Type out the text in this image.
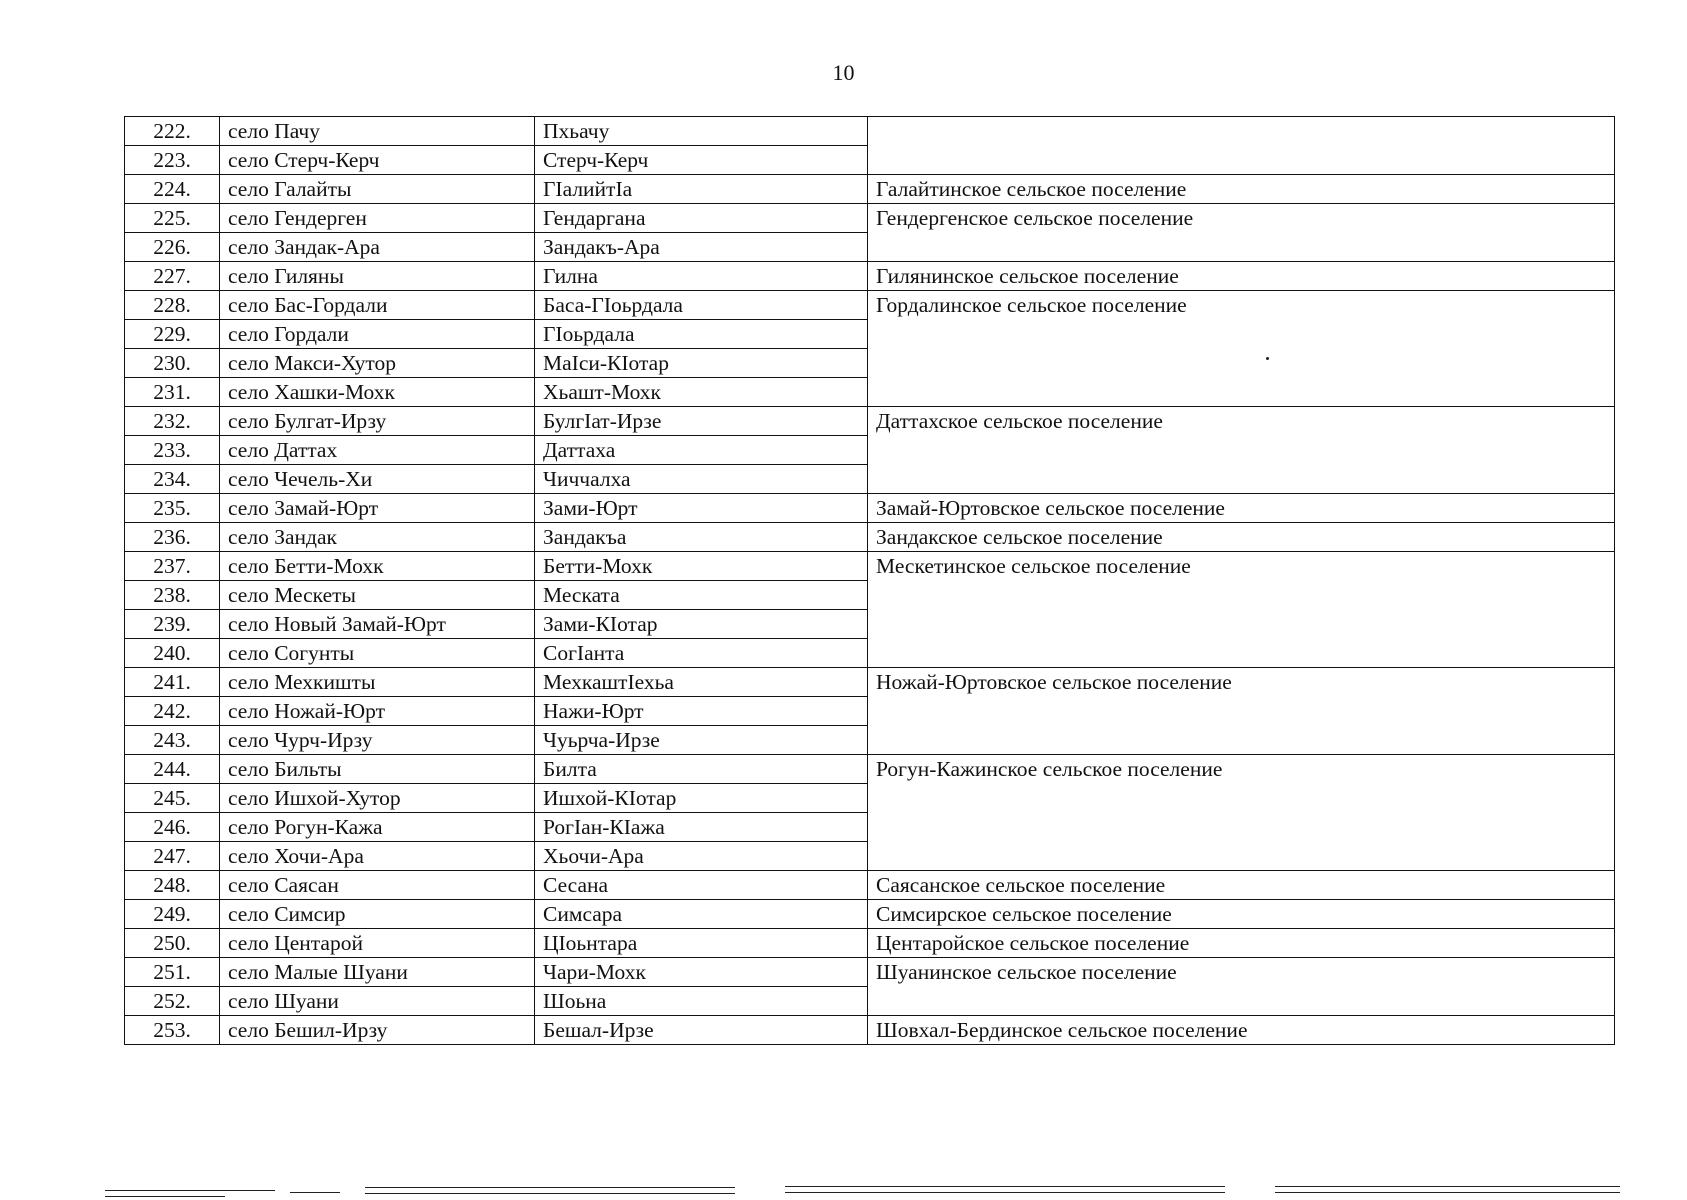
10
222.	село Пачу	Пхьачу	
223.	село Стерч-Керч	Стерч-Керч	
224.	село Галайты	ГIалийтIа	Галайтинское сельское поселение
225.	село Гендерген	Гендаргана	Гендергенское сельское поселение
226.	село Зандак-Ара	Зандакъ-Ара	
227.	село Гиляны	Гилна	Гилянинское сельское поселение
228.	село Бас-Гордали	Баса-ГIоьрдала	Гордалинское сельское поселение
229.	село Гордали	ГIоьрдала	
230.	село Макси-Хутор	МаIси-КIотар	
231.	село Хашки-Мохк	Хьашт-Мохк	
232.	село Булгат-Ирзу	БулгIат-Ирзе	Даттахское сельское поселение
233.	село Даттах	Даттаха	
234.	село Чечель-Хи	Чиччалха	
235.	село Замай-Юрт	Зами-Юрт	Замай-Юртовское сельское поселение
236.	село Зандак	Зандакъа	Зандакское сельское поселение
237.	село Бетти-Мохк	Бетти-Мохк	Мескетинское сельское поселение
238.	село Мескеты	Меската	
239.	село Новый Замай-Юрт	Зами-КIотар	
240.	село Согунты	СогIанта	
241.	село Мехкишты	МехкаштIехьа	Ножай-Юртовское сельское поселение
242.	село Ножай-Юрт	Нажи-Юрт	
243.	село Чурч-Ирзу	Чуьрча-Ирзе	
244.	село Бильты	Билта	Рогун-Кажинское сельское поселение
245.	село Ишхой-Хутор	Ишхой-КIотар	
246.	село Рогун-Кажа	РогIан-КIажа	
247.	село Хочи-Ара	Хьочи-Ара	
248.	село Саясан	Сесана	Саясанское сельское поселение
249.	село Симсир	Симсара	Симсирское сельское поселение
250.	село Центарой	ЦIоьнтара	Центаройское сельское поселение
251.	село Малые Шуани	Чари-Мохк	Шуанинское сельское поселение
252.	село Шуани	Шоьна	
253.	село Бешил-Ирзу	Бешал-Ирзе	Шовхал-Бердинское сельское поселение
